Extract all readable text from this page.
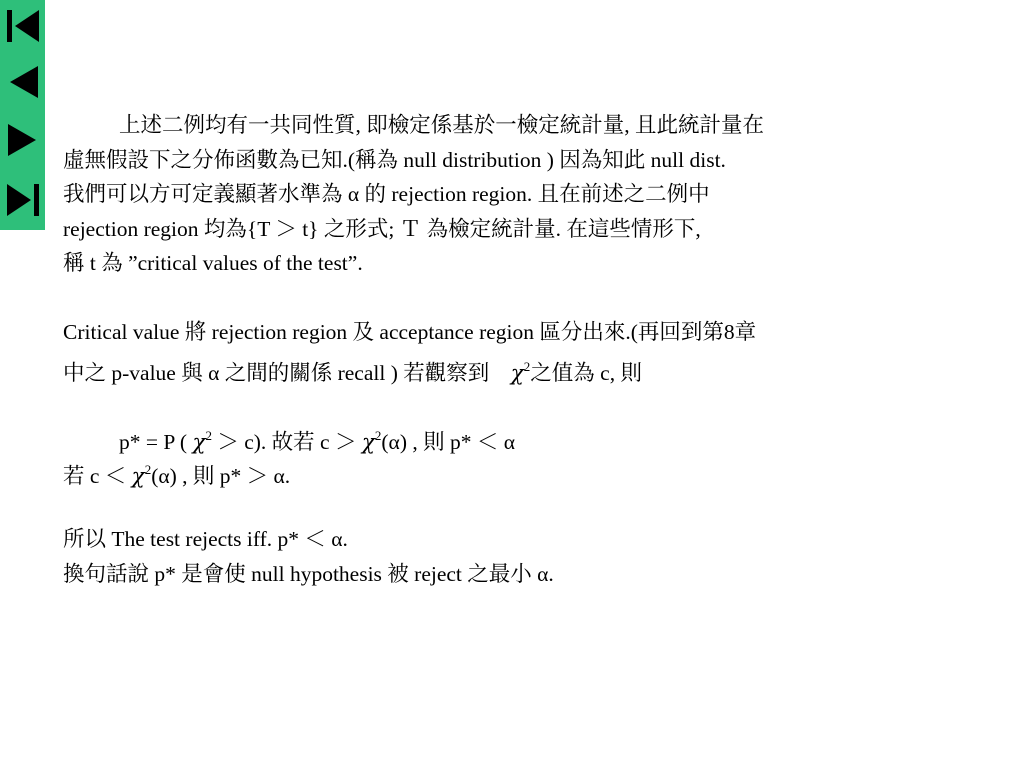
上述二例均有一共同性質, 即檢定係基於一檢定統計量, 且此統計量在
虛無假設下之分佈函數為已知.(稱為 null distribution ) 因為知此 null dist.
我們可以方可定義顯著水準為 α 的 rejection region. 且在前述之二例中
rejection region 均為{T ＞ t} 之形式; Ｔ 為檢定統計量. 在這些情形下,
稱 t 為 ”critical values of the test”.
Critical value 將 rejection region 及 acceptance region 區分出來.(再回到第8章
中之 p-value 與 α 之間的關係 recall ) 若觀察到 $\chi^2$之值為 c, 則
p* = P ( $\chi^2 > c$). 故若 $c > \chi^2(\alpha)$ , 則 p* ＜ α
若 $c < \chi^2(\alpha)$ , 則 p* ＞ α.
所以 The test rejects iff. p* ＜ α.
換句話說 p* 是會使 null hypothesis 被 reject 之最小 α.
